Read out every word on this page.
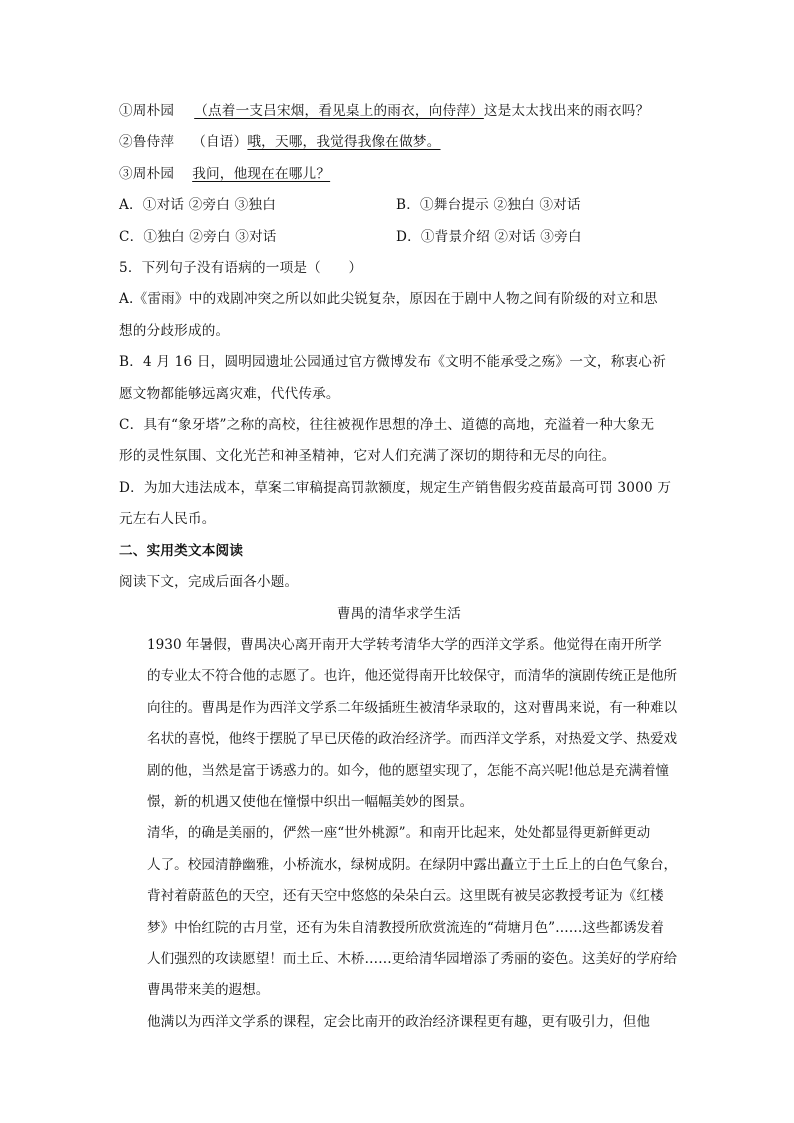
①周朴园 （点着一支吕宋烟，看见桌上的雨衣，向侍萍）这是太太找出来的雨衣吗？
②鲁侍萍 （自语）哦，天哪，我觉得我像在做梦。
③周朴园 我问，他现在在哪儿？
A．①对话 ②旁白 ③独白	B．①舞台提示 ②独白 ③对话
C．①独白 ②旁白 ③对话	D．①背景介绍 ②对话 ③旁白
5．下列句子没有语病的一项是（　　）
A.《雷雨》中的戏剧冲突之所以如此尖锐复杂，原因在于剧中人物之间有阶级的对立和思
想的分歧形成的。
B．4 月 16 日，圆明园遗址公园通过官方微博发布《文明不能承受之殇》一文，称衷心祈
愿文物都能够远离灾难，代代传承。
C．具有“象牙塔”之称的高校，往往被视作思想的净土、道德的高地，充溢着一种大象无
形的灵性氛围、文化光芒和神圣精神，它对人们充满了深切的期待和无尽的向往。
D．为加大违法成本，草案二审稿提高罚款额度，规定生产销售假劣疫苗最高可罚 3000 万
元左右人民币。
二、实用类文本阅读
阅读下文，完成后面各小题。
曹禺的清华求学生活
1930 年暑假，曹禺决心离开南开大学转考清华大学的西洋文学系。他觉得在南开所学
的专业太不符合他的志愿了。也许，他还觉得南开比较保守，而清华的演剧传统正是他所
向往的。曹禺是作为西洋文学系二年级插班生被清华录取的，这对曹禺来说，有一种难以
名状的喜悦，他终于摆脱了早已厌倦的政治经济学。而西洋文学系，对热爱文学、热爱戏
剧的他，当然是富于诱惑力的。如今，他的愿望实现了，怎能不高兴呢!他总是充满着憧
憬，新的机遇又使他在憧憬中织出一幅幅美妙的图景。
清华，的确是美丽的，俨然一座“世外桃源”。和南开比起来，处处都显得更新鲜更动
人了。校园清静幽雅，小桥流水，绿树成阴。在绿阴中露出矗立于土丘上的白色气象台，
背衬着蔚蓝色的天空，还有天空中悠悠的朵朵白云。这里既有被吴宓教授考证为《红楼
梦》中怡红院的古月堂，还有为朱自清教授所欣赏流连的“荷塘月色”……这些都诱发着
人们强烈的攻读愿望！而土丘、木桥……更给清华园增添了秀丽的姿色。这美好的学府给
曹禺带来美的遐想。
他满以为西洋文学系的课程，定会比南开的政治经济课程更有趣，更有吸引力，但他
